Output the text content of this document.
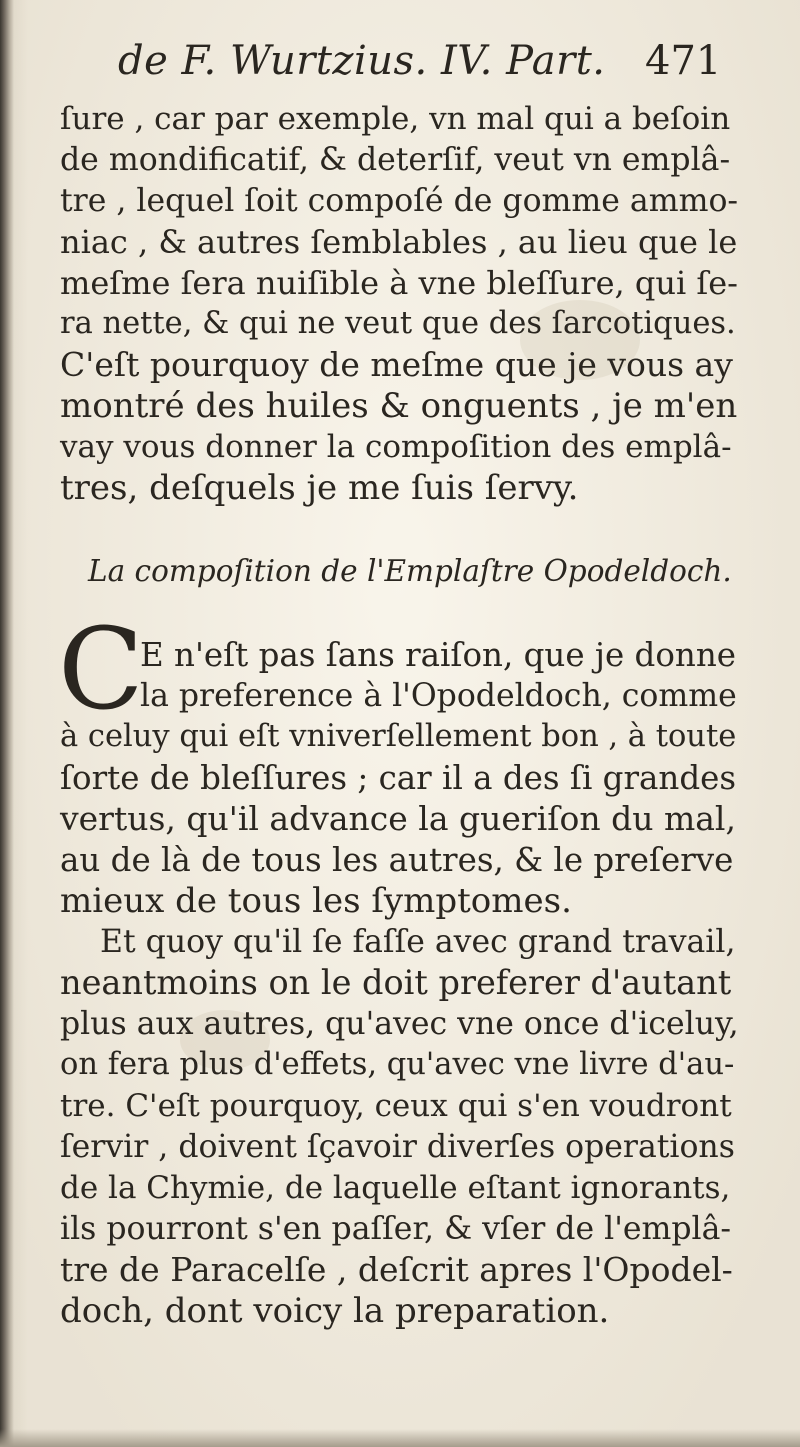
de F. Wurtzius. IV. Part. 471
ſure , car par exemple, vn mal qui a beſoin
de mondificatif, & deterſif, veut vn emplâ-
tre , lequel ſoit compoſé de gomme ammo-
niac , & autres ſemblables , au lieu que le
meſme ſera nuiſible à vne bleſſure, qui ſe-
ra nette, & qui ne veut que des ſarcotiques.
C'eſt pourquoy de meſme que je vous ay
montré des huiles & onguents , je m'en
vay vous donner la compoſition des emplâ-
tres, deſquels je me ſuis ſervy.
La compoſition de l'Emplaſtre Opodeldoch.
C
E n'eſt pas ſans raiſon, que je donne
la preference à l'Opodeldoch, comme
à celuy qui eſt vniverſellement bon , à toute
ſorte de bleſſures ; car il a des ſi grandes
vertus, qu'il advance la gueriſon du mal,
au de là de tous les autres, & le preſerve
mieux de tous les ſymptomes.
Et quoy qu'il ſe faſſe avec grand travail,
neantmoins on le doit preferer d'autant
plus aux autres, qu'avec vne once d'iceluy,
on fera plus d'effets, qu'avec vne livre d'au-
tre. C'eſt pourquoy, ceux qui s'en voudront
ſervir , doivent ſçavoir diverſes operations
de la Chymie, de laquelle eſtant ignorants,
ils pourront s'en paſſer, & vſer de l'emplâ-
tre de Paracelſe , deſcrit apres l'Opodel-
doch, dont voicy la preparation.
